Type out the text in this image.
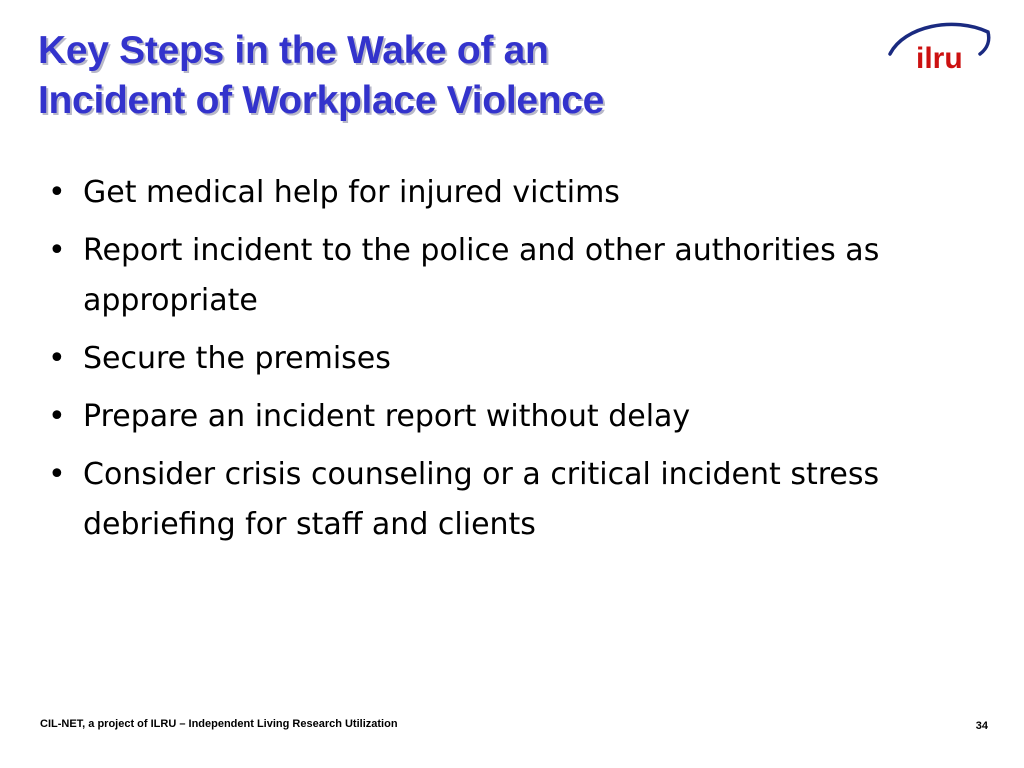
Key Steps in the Wake of an
Incident of Workplace Violence
ilru
• Get medical help for injured victims
• Report incident to the police and other authorities as appropriate
• Secure the premises
• Prepare an incident report without delay
• Consider crisis counseling or a critical incident stress debriefing for staff and clients
CIL-NET, a project of ILRU – Independent Living Research Utilization	34
